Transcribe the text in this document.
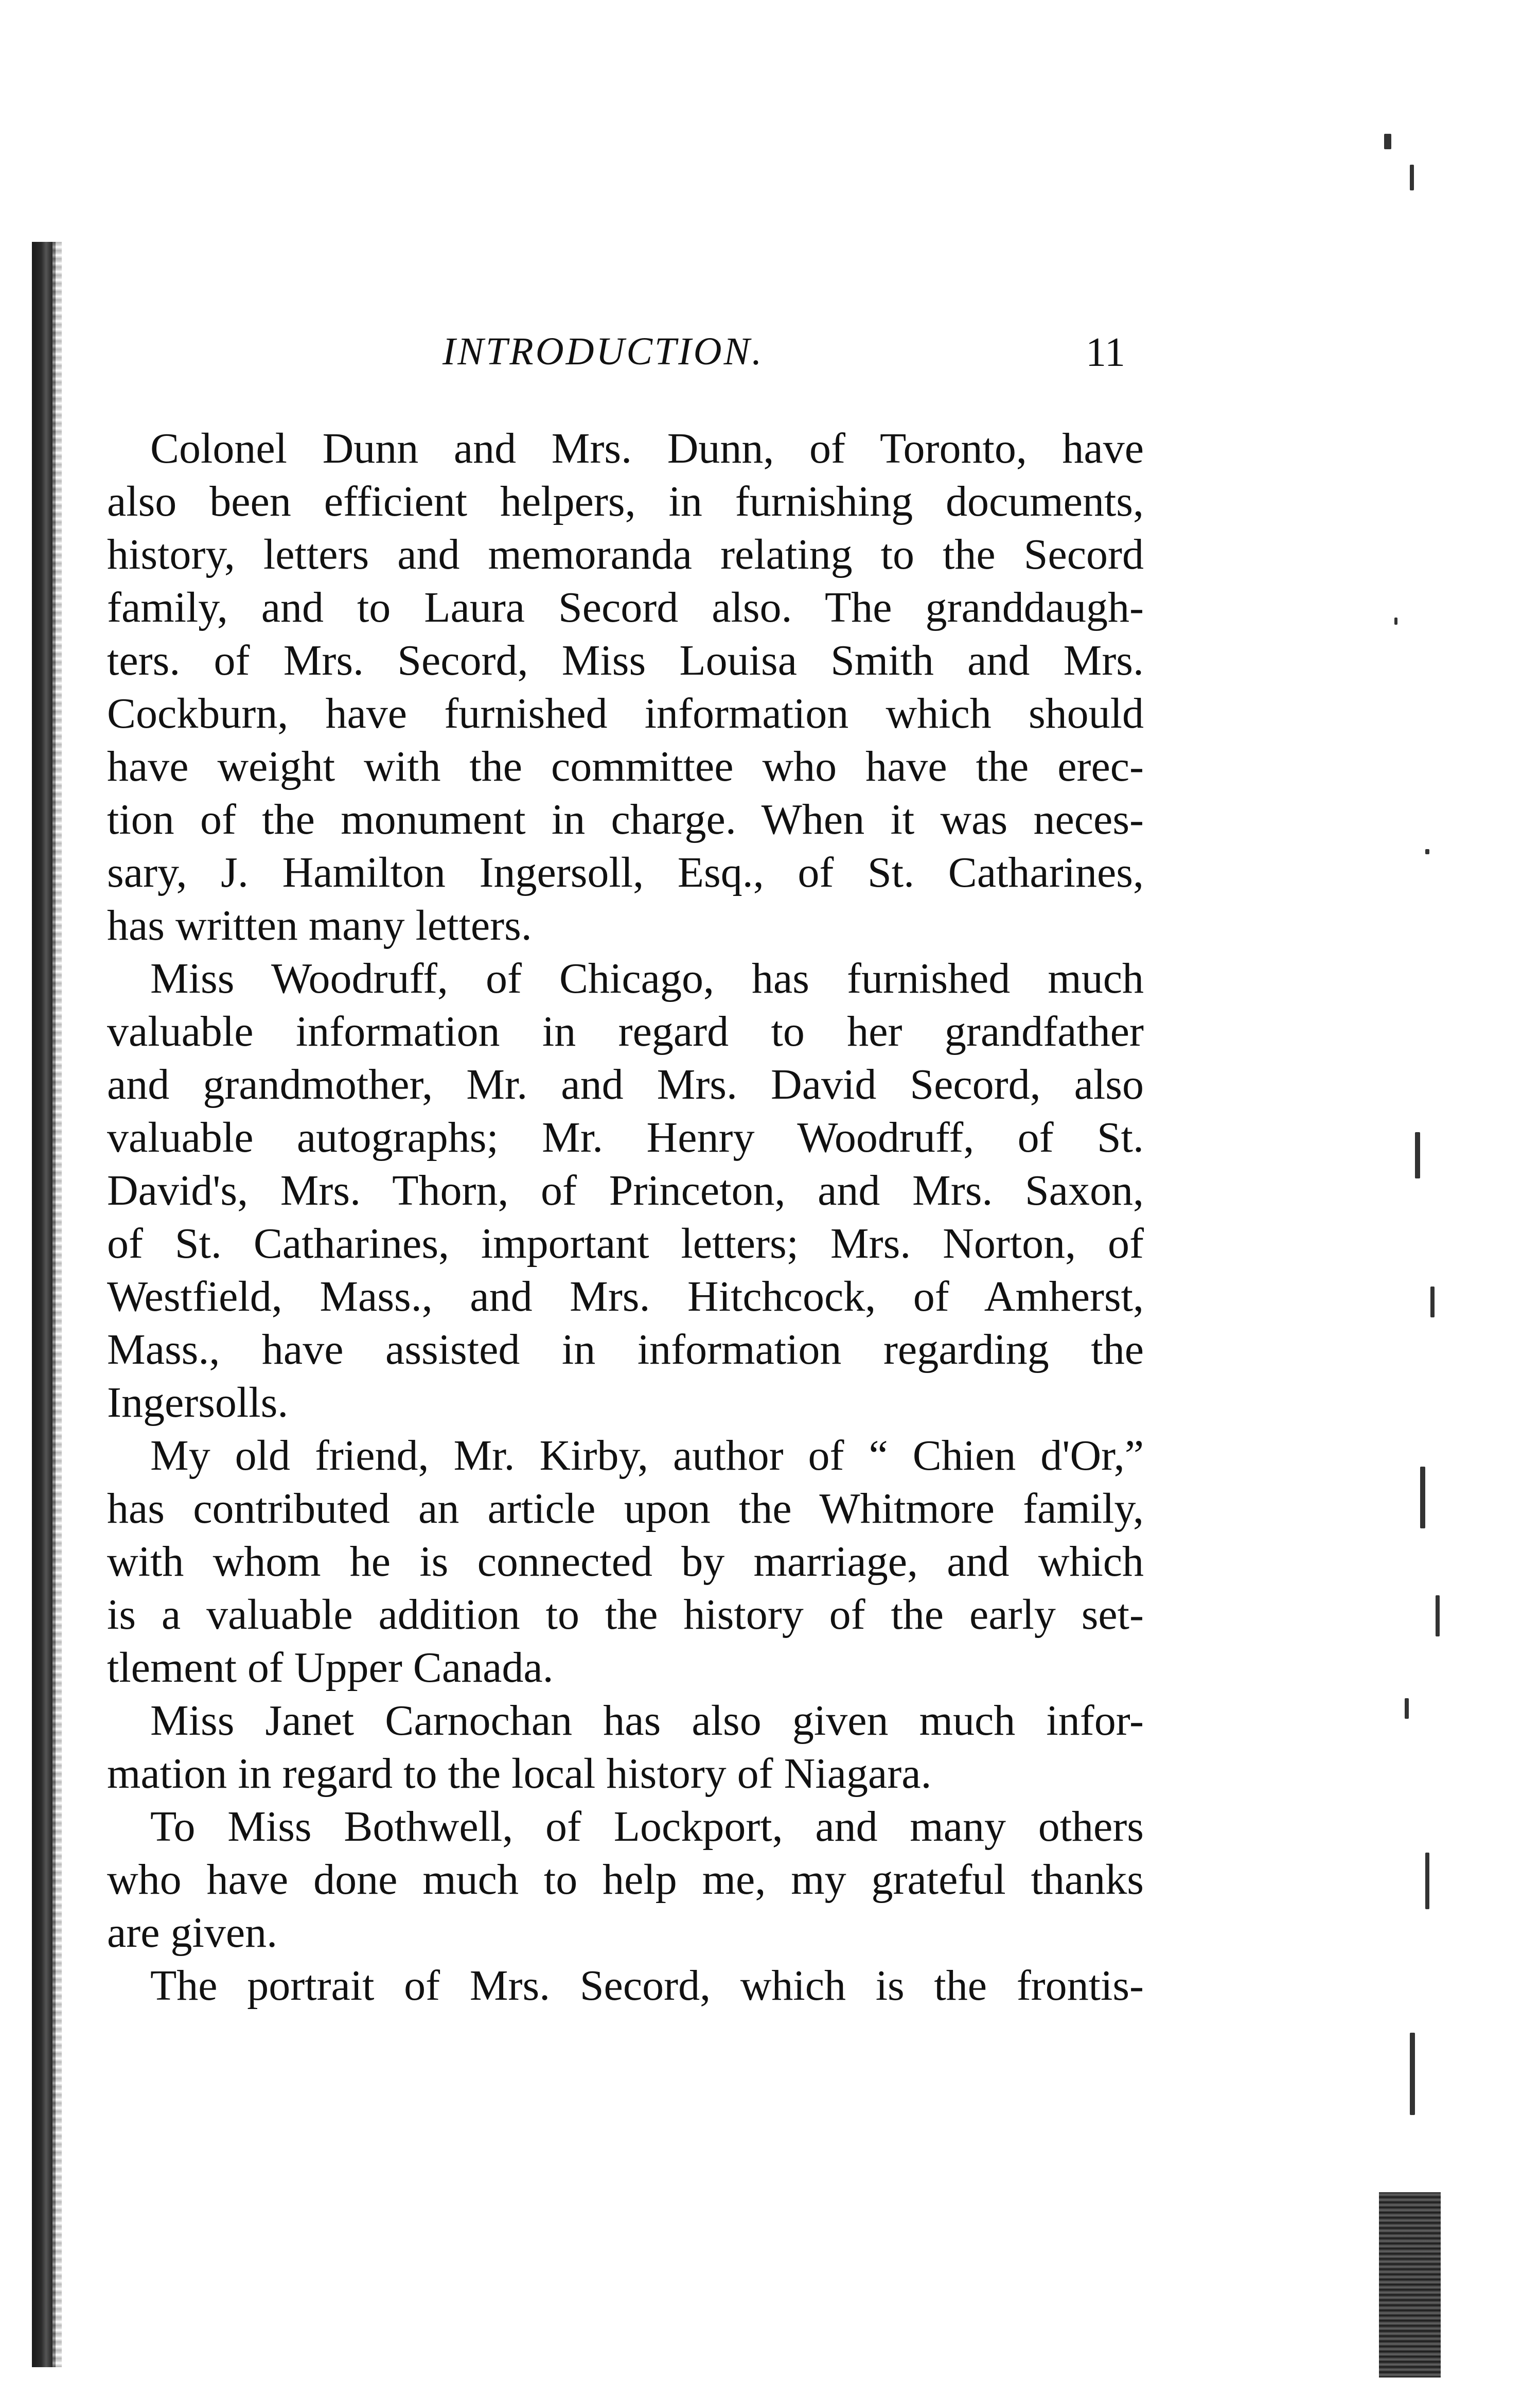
INTRODUCTION.	11
Colonel Dunn and Mrs. Dunn, of Toronto, have
also been efficient helpers, in furnishing documents,
history, letters and memoranda relating to the Secord
family, and to Laura Secord also. The granddaugh-
ters. of Mrs. Secord, Miss Louisa Smith and Mrs.
Cockburn, have furnished information which should
have weight with the committee who have the erec-
tion of the monument in charge. When it was neces-
sary, J. Hamilton Ingersoll, Esq., of St. Catharines,
has written many letters.
Miss Woodruff, of Chicago, has furnished much
valuable information in regard to her grandfather
and grandmother, Mr. and Mrs. David Secord, also
valuable autographs; Mr. Henry Woodruff, of St.
David's, Mrs. Thorn, of Princeton, and Mrs. Saxon,
of St. Catharines, important letters; Mrs. Norton, of
Westfield, Mass., and Mrs. Hitchcock, of Amherst,
Mass., have assisted in information regarding the
Ingersolls.
My old friend, Mr. Kirby, author of “ Chien d'Or,”
has contributed an article upon the Whitmore family,
with whom he is connected by marriage, and which
is a valuable addition to the history of the early set-
tlement of Upper Canada.
Miss Janet Carnochan has also given much infor-
mation in regard to the local history of Niagara.
To Miss Bothwell, of Lockport, and many others
who have done much to help me, my grateful thanks
are given.
The portrait of Mrs. Secord, which is the frontis-
